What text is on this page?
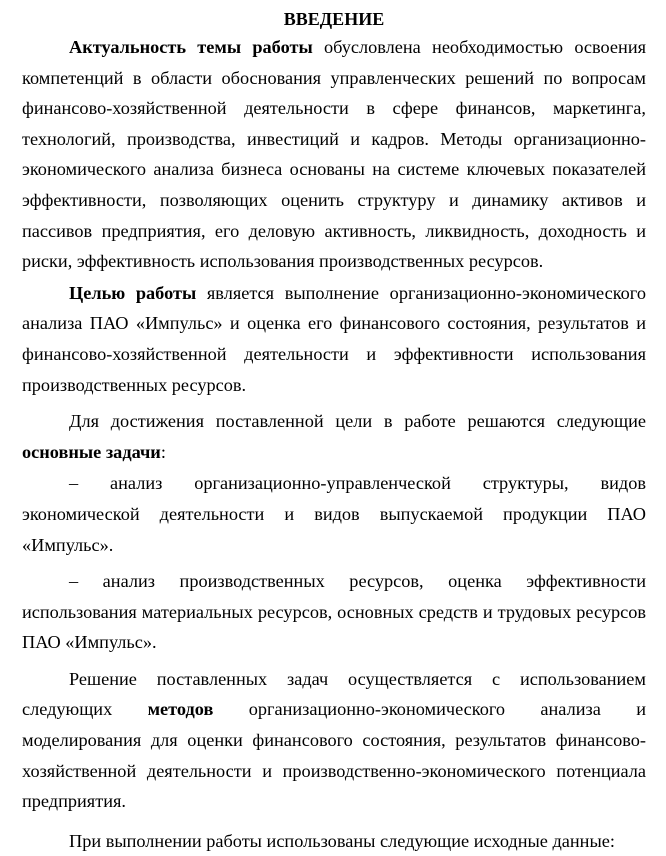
ВВЕДЕНИЕ

Актуальность темы работы обусловлена необходимостью освоения компетенций в области обоснования управленческих решений по вопросам финансово-хозяйственной деятельности в сфере финансов, маркетинга, технологий, производства, инвестиций и кадров. Методы организационно-экономического анализа бизнеса основаны на системе ключевых показателей эффективности, позволяющих оценить структуру и динамику активов и пассивов предприятия, его деловую активность, ликвидность, доходность и риски, эффективность использования производственных ресурсов.

Целью работы является выполнение организационно-экономического анализа ПАО «Импульс» и оценка его финансового состояния, результатов и финансово-хозяйственной деятельности и эффективности использования производственных ресурсов.

Для достижения поставленной цели в работе решаются следующие основные задачи:

– анализ организационно-управленческой структуры, видов экономической деятельности и видов выпускаемой продукции ПАО «Импульс».

– анализ производственных ресурсов, оценка эффективности использования материальных ресурсов, основных средств и трудовых ресурсов ПАО «Импульс».

Решение поставленных задач осуществляется с использованием следующих методов организационно-экономического анализа и моделирования для оценки финансового состояния, результатов финансово-хозяйственной деятельности и производственно-экономического потенциала предприятия.

При выполнении работы использованы следующие исходные данные:
